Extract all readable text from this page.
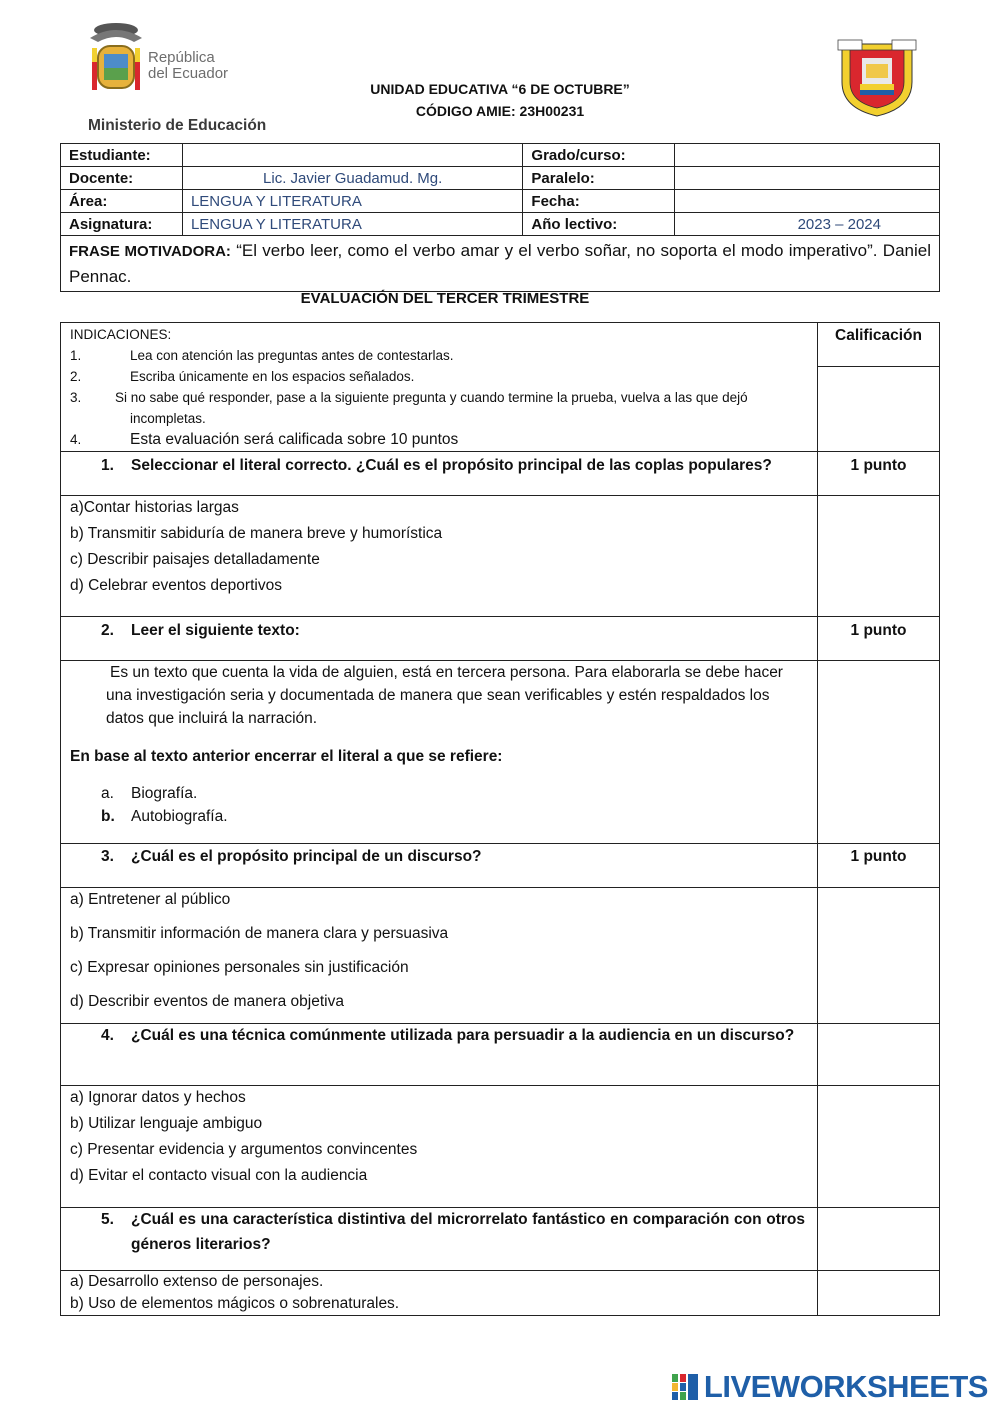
República
del Ecuador
Ministerio de Educación
UNIDAD EDUCATIVA “6 DE OCTUBRE”
CÓDIGO AMIE: 23H00231
Estudiante:		Grado/curso:	
Docente:	Lic. Javier Guadamud. Mg.	Paralelo:	
Área:	LENGUA Y LITERATURA	Fecha:	
Asignatura:	LENGUA Y LITERATURA	Año lectivo:	2023 – 2024
FRASE MOTIVADORA: “El verbo leer, como el verbo amar y el verbo soñar, no soporta el modo imperativo”. Daniel Pennac.			
EVALUACIÓN DEL TERCER TRIMESTRE
INDICACIONES:
1.	Lea con atención las preguntas antes de contestarlas.
2.	Escriba únicamente en los espacios señalados.
3.	Si no sabe qué responder, pase a la siguiente pregunta y cuando termine la prueba, vuelva a las que dejó incompletas.
4.	Esta evaluación será calificada sobre 10 puntos
Calificación
1.	Seleccionar el literal correcto. ¿Cuál es el propósito principal de las coplas populares?	1 punto
a)Contar historias largas
b) Transmitir sabiduría de manera breve y humorística
c) Describir paisajes detalladamente
d) Celebrar eventos deportivos
2.	Leer el siguiente texto:	1 punto
Es un texto que cuenta la vida de alguien, está en tercera persona. Para elaborarla se debe hacer una investigación seria y documentada de manera que sean verificables y estén respaldados los datos que incluirá la narración.
En base al texto anterior encerrar el literal a que se refiere:
a.	Biografía.
b.	Autobiografía.
3.	¿Cuál es el propósito principal de un discurso?	1 punto
a) Entretener al público
b) Transmitir información de manera clara y persuasiva
c) Expresar opiniones personales sin justificación
d) Describir eventos de manera objetiva
4.	¿Cuál es una técnica comúnmente utilizada para persuadir a la audiencia en un discurso?
a) Ignorar datos y hechos
b) Utilizar lenguaje ambiguo
c) Presentar evidencia y argumentos convincentes
d) Evitar el contacto visual con la audiencia
5.	¿Cuál es una característica distintiva del microrrelato fantástico en comparación con otros géneros literarios?
a) Desarrollo extenso de personajes.
b) Uso de elementos mágicos o sobrenaturales.
LIVEWORKSHEETS
